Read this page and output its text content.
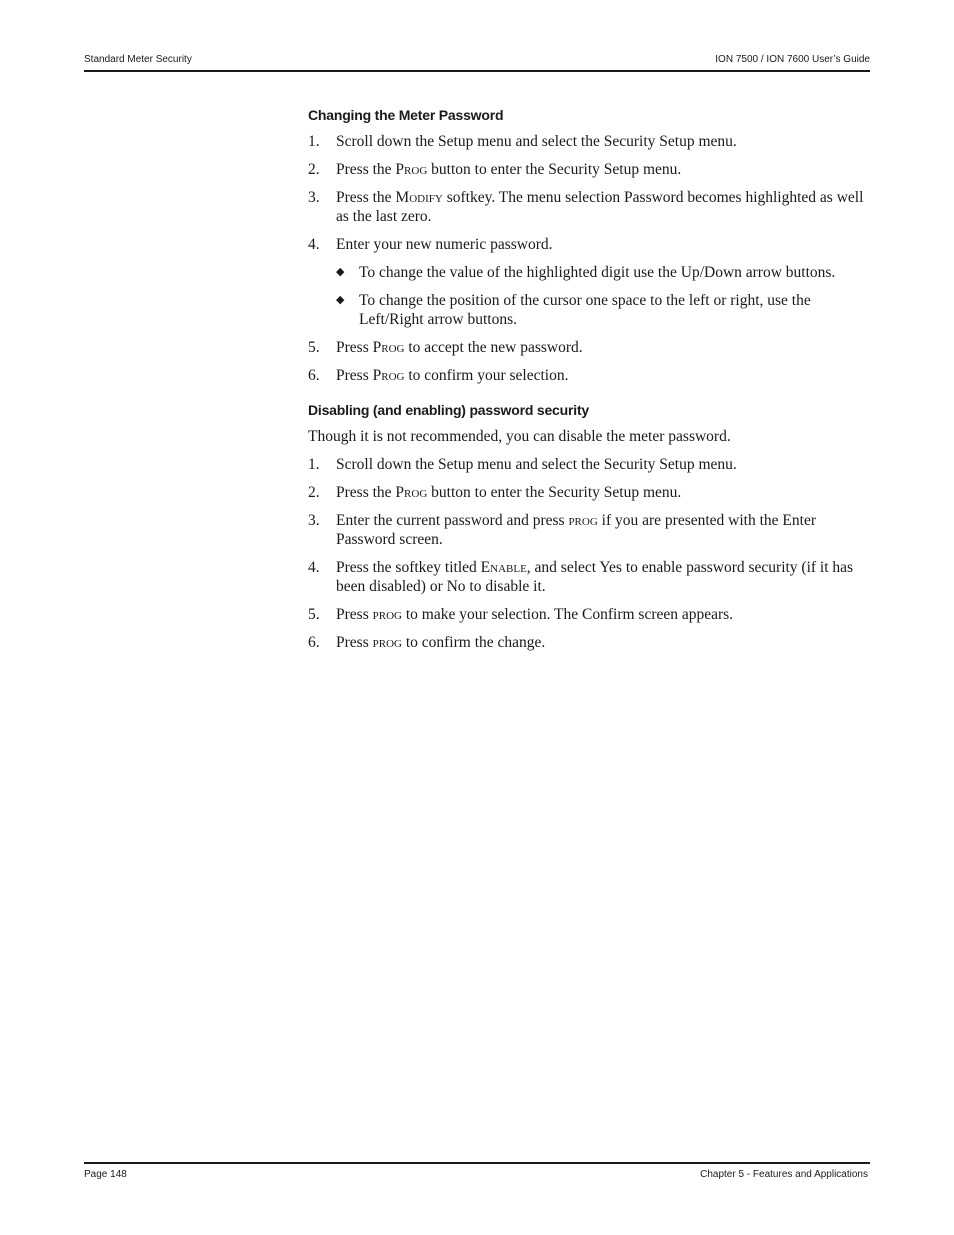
Standard Meter Security	ION 7500 / ION 7600 User’s Guide
Changing the Meter Password
1. Scroll down the Setup menu and select the Security Setup menu.
2. Press the Prog button to enter the Security Setup menu.
3. Press the Modify softkey. The menu selection Password becomes highlighted as well as the last zero.
4. Enter your new numeric password.
◆ To change the value of the highlighted digit use the Up/Down arrow buttons.
◆ To change the position of the cursor one space to the left or right, use the Left/Right arrow buttons.
5. Press Prog to accept the new password.
6. Press Prog to confirm your selection.
Disabling (and enabling) password security

Though it is not recommended, you can disable the meter password.

1. Scroll down the Setup menu and select the Security Setup menu.
2. Press the Prog button to enter the Security Setup menu.
3. Enter the current password and press prog if you are presented with the Enter Password screen.
4. Press the softkey titled Enable, and select Yes to enable password security (if it has been disabled) or No to disable it.
5. Press prog to make your selection. The Confirm screen appears.
6. Press prog to confirm the change.
Page 148	Chapter 5 - Features and Applications
